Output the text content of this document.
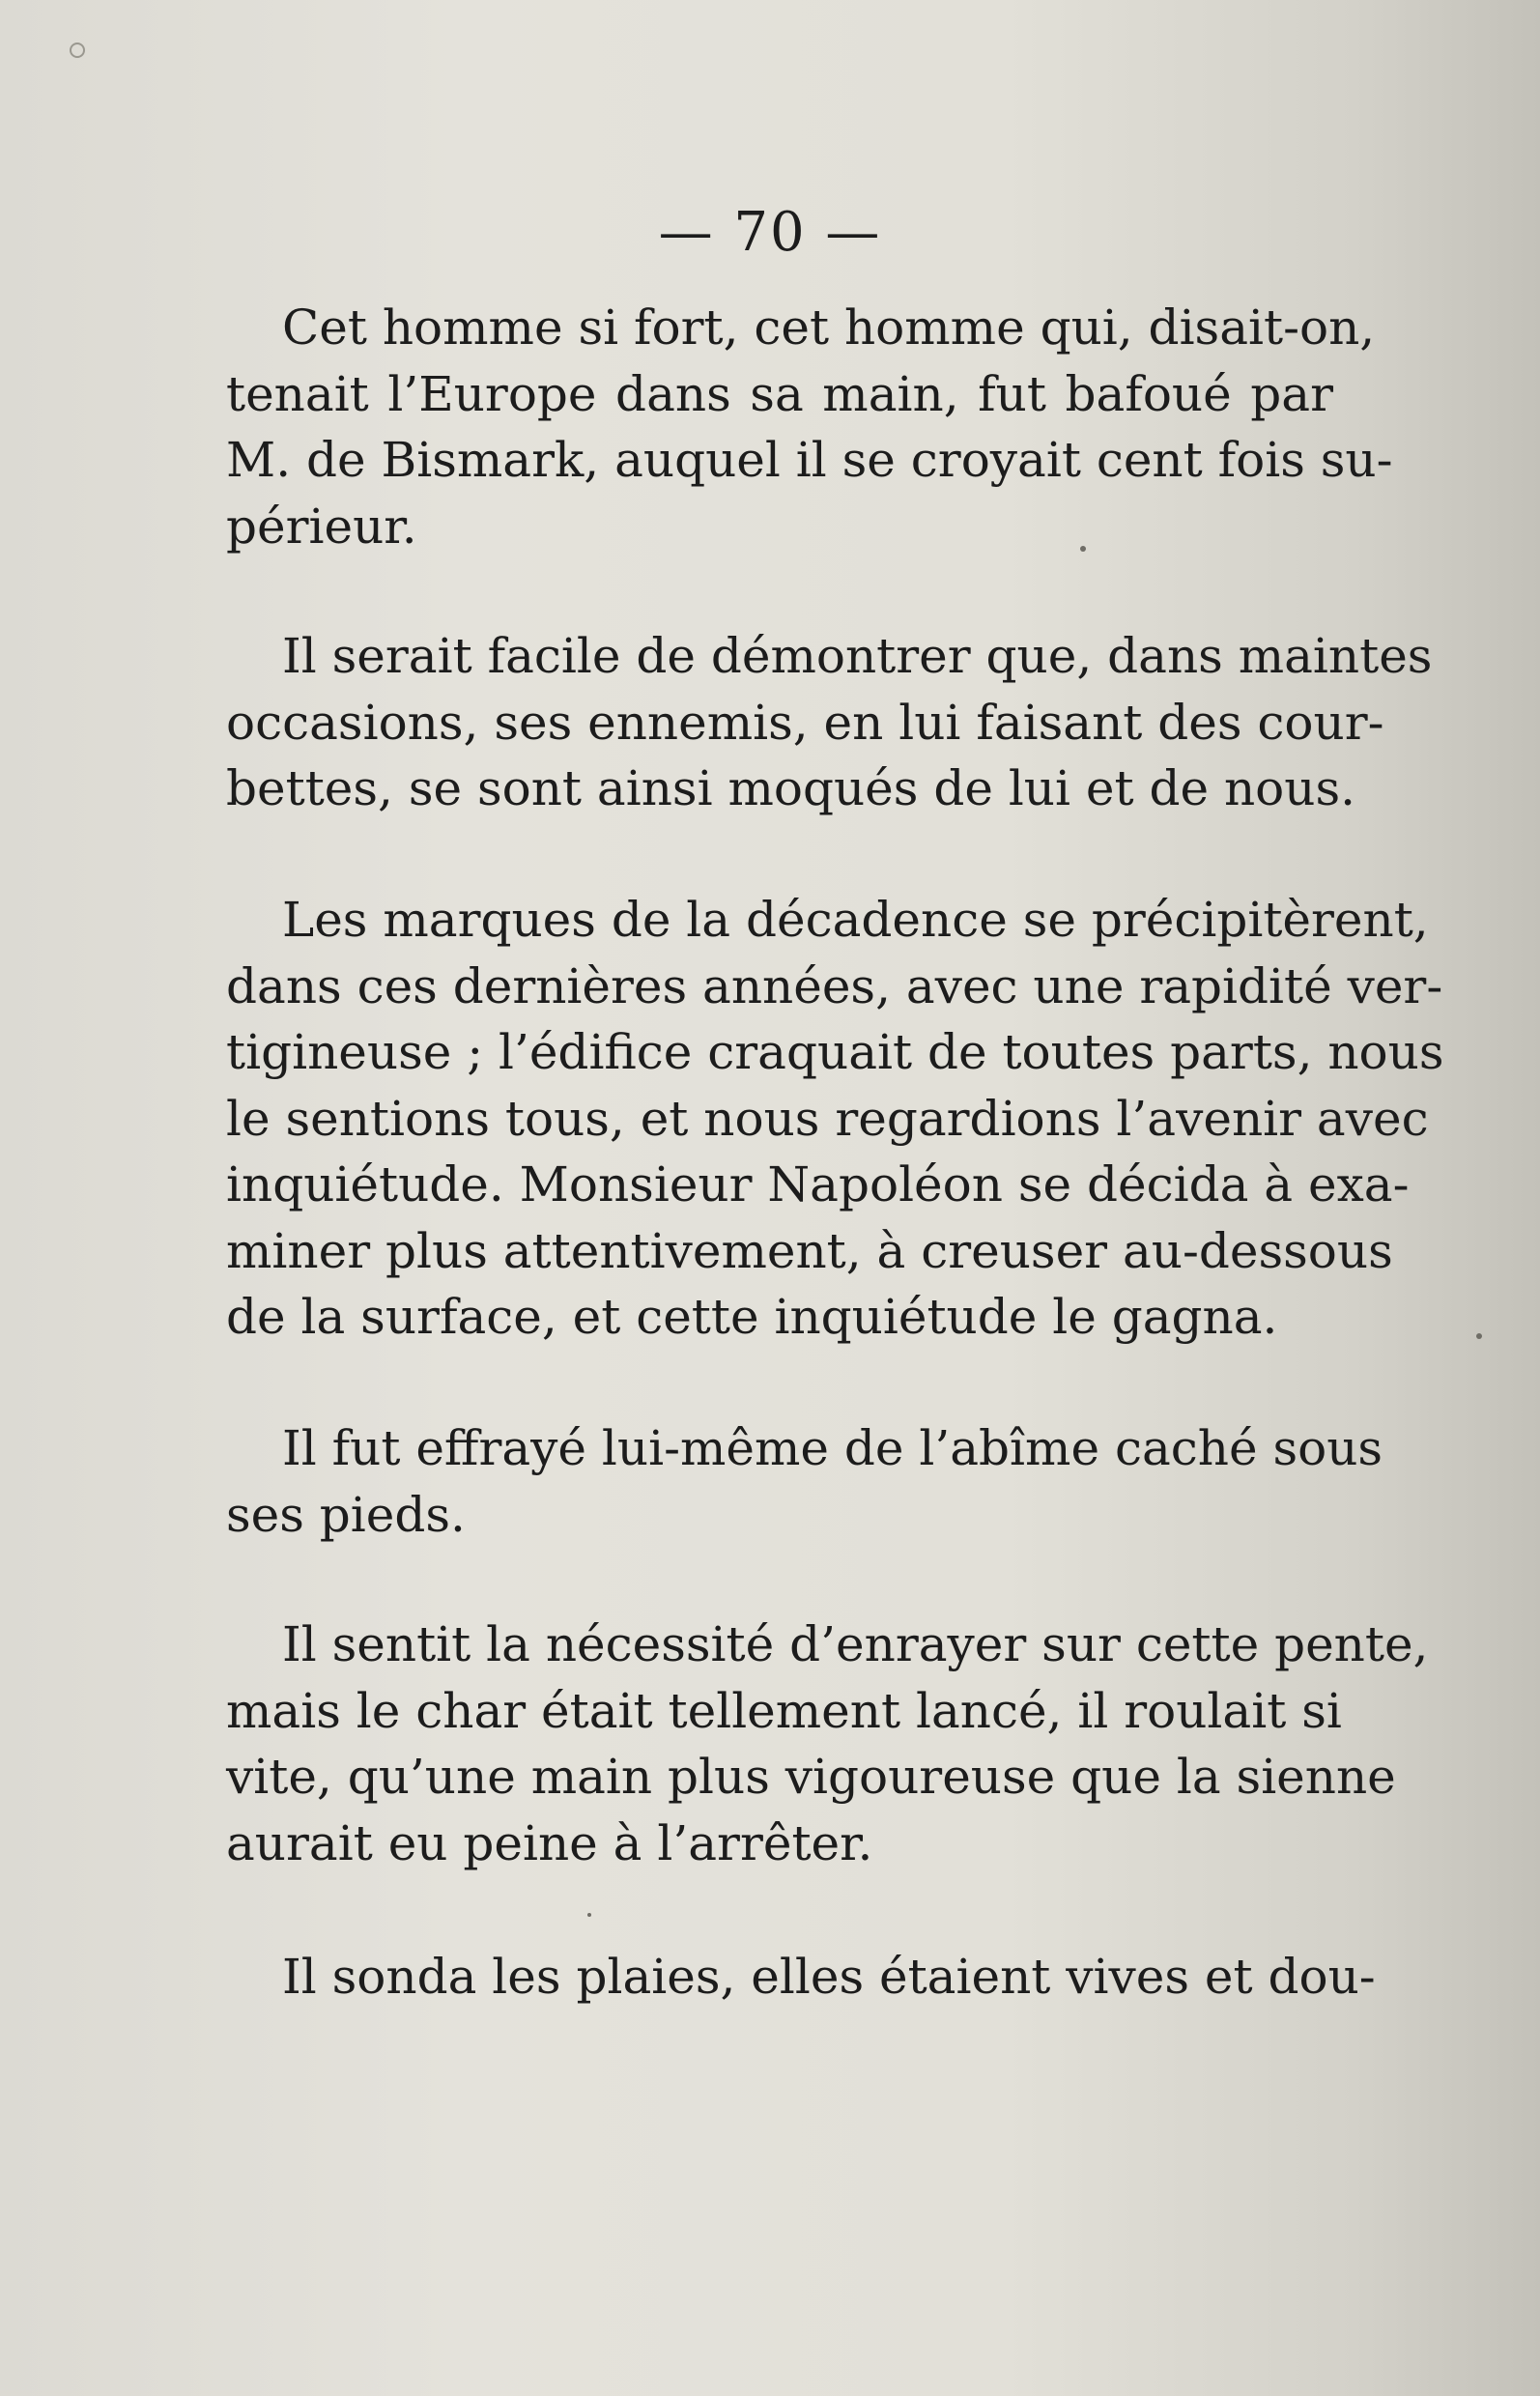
— 70 —

Cet homme si fort, cet homme qui, disait-on,
tenait l’Europe dans sa main, fut bafoué par
M. de Bismark, auquel il se croyait cent fois su-
périeur.

Il serait facile de démontrer que, dans maintes
occasions, ses ennemis, en lui faisant des cour-
bettes, se sont ainsi moqués de lui et de nous.

Les marques de la décadence se précipitèrent,
dans ces dernières années, avec une rapidité ver-
tigineuse ; l’édifice craquait de toutes parts, nous
le sentions tous, et nous regardions l’avenir avec
inquiétude. Monsieur Napoléon se décida à exa-
miner plus attentivement, à creuser au-dessous
de la surface, et cette inquiétude le gagna.

Il fut effrayé lui-même de l’abîme caché sous
ses pieds.

Il sentit la nécessité d’enrayer sur cette pente,
mais le char était tellement lancé, il roulait si
vite, qu’une main plus vigoureuse que la sienne
aurait eu peine à l’arrêter.

Il sonda les plaies, elles étaient vives et dou-
